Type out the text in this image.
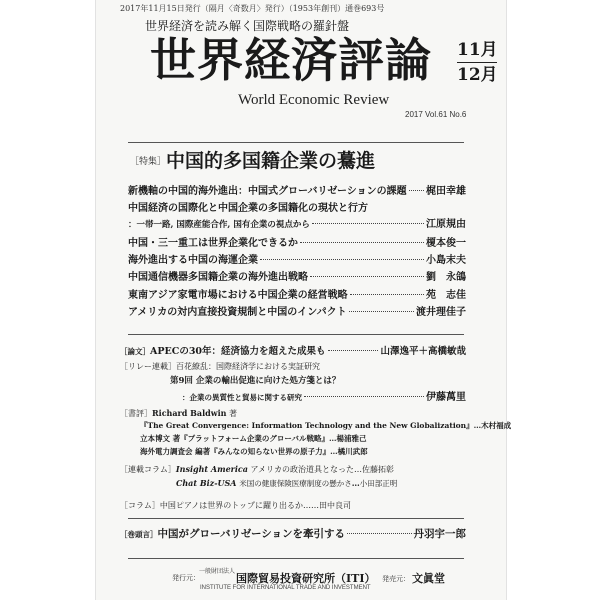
2017年11月15日発行（隔月〈奇数月〉発行）（1953年創刊）通巻693号
世界経済を読み解く国際戦略の羅針盤
世界経済評論 11月
12月
World Economic Review
2017 Vol.61 No.6
［特集］ 中国的多国籍企業の驀進
新機軸の中国的海外進出：中国式グローバリゼーションの課題 梶田幸雄
中国経済の国際化と中国企業の多国籍化の現状と行方
：一帯一路, 国際産能合作, 国有企業の視点から	江原規由
中国・三一重工は世界企業化できるか	榎本俊一
海外進出する中国の海運企業	小島末夫
中国通信機器多国籍企業の海外進出戦略	劉　永鴿
東南アジア家電市場における中国企業の経営戦略	苑　志佳
アメリカの対内直接投資規制と中国のインパクト	渡井理佳子
［論文］APECの30年：経済協力を超えた成果も	山澤逸平＋高橋敏哉
［リレー連載］百花繚乱：国際経済学における実証研究
第9回 企業の輸出促進に向けた処方箋とは？
：企業の異質性と貿易に関する研究	伊藤萬里
［書評］Richard Baldwin 著
『The Great Convergence: Information Technology and the New Globalization』…木村福成
立本博文 著『プラットフォーム企業のグローバル戦略』…楊浦雅己
海外電力調査会 編著『みんなの知らない世界の原子力』…橘川武郎
［連載コラム］Insight America アメリカの政治道具となった…佐藤拓彰
Chat Biz-USA 米国の健康保険医療制度の懸かさ…小田部正明
［コラム］中国ピアノは世界のトップに躍り出るか……田中良司
［巻頭言］中国がグローバリゼーションを牽引する	丹羽宇一郎
発行元：
一般財団法人
国際貿易投資研究所（ITI）
INSTITUTE FOR INTERNATIONAL TRADE AND INVESTMENT
発売元： 文眞堂
